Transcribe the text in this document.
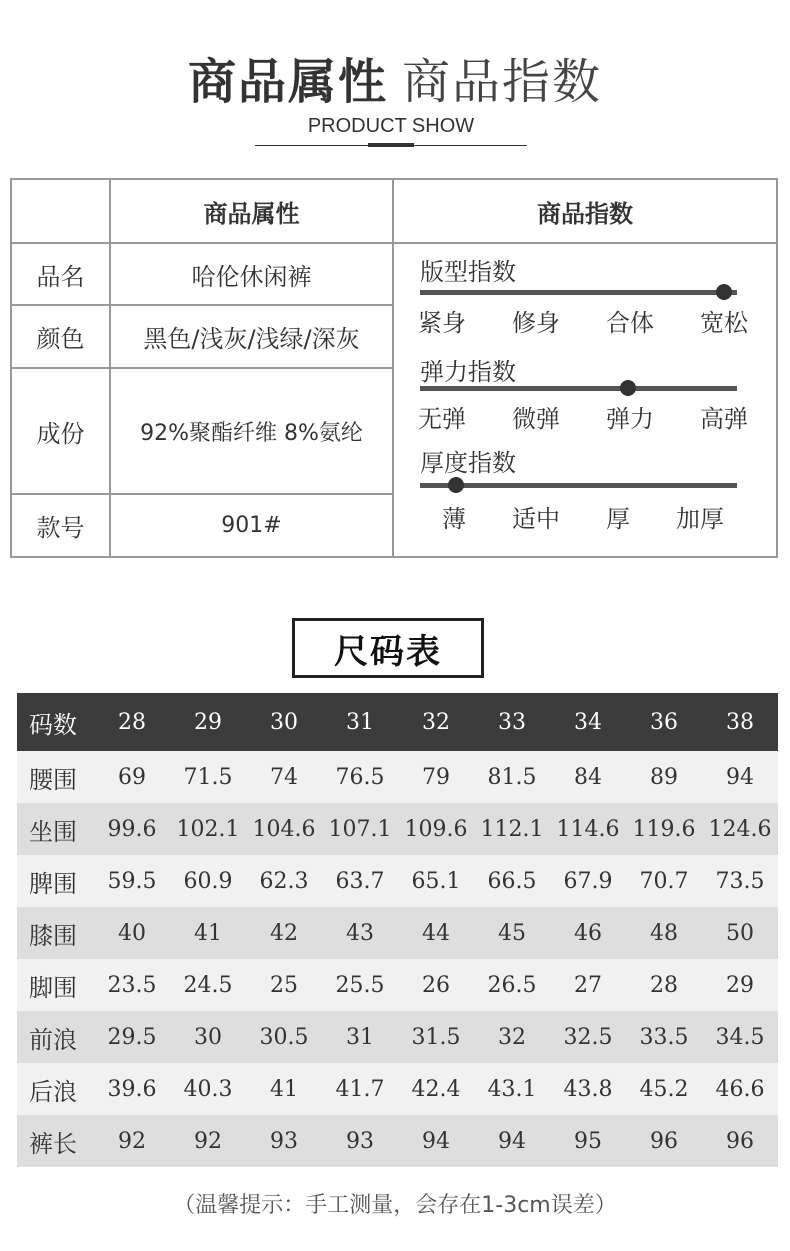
商品属性 商品指数
PRODUCT SHOW
商品属性	商品指数
品名	哈伦休闲裤
颜色	黑色/浅灰/浅绿/深灰
成份	92%聚酯纤维 8%氨纶
款号	901#
版型指数
紧身 修身 合体 宽松
弹力指数
无弹 微弹 弹力 高弹
厚度指数
薄 适中 厚 加厚
尺码表
码数	28	29	30	31	32	33	34	36	38
腰围	69	71.5	74	76.5	79	81.5	84	89	94
坐围	99.6	102.1	104.6	107.1	109.6	112.1	114.6	119.6	124.6
脾围	59.5	60.9	62.3	63.7	65.1	66.5	67.9	70.7	73.5
膝围	40	41	42	43	44	45	46	48	50
脚围	23.5	24.5	25	25.5	26	26.5	27	28	29
前浪	29.5	30	30.5	31	31.5	32	32.5	33.5	34.5
后浪	39.6	40.3	41	41.7	42.4	43.1	43.8	45.2	46.6
裤长	92	92	93	93	94	94	95	96	96
（温馨提示：手工测量，会存在1-3cm误差）
